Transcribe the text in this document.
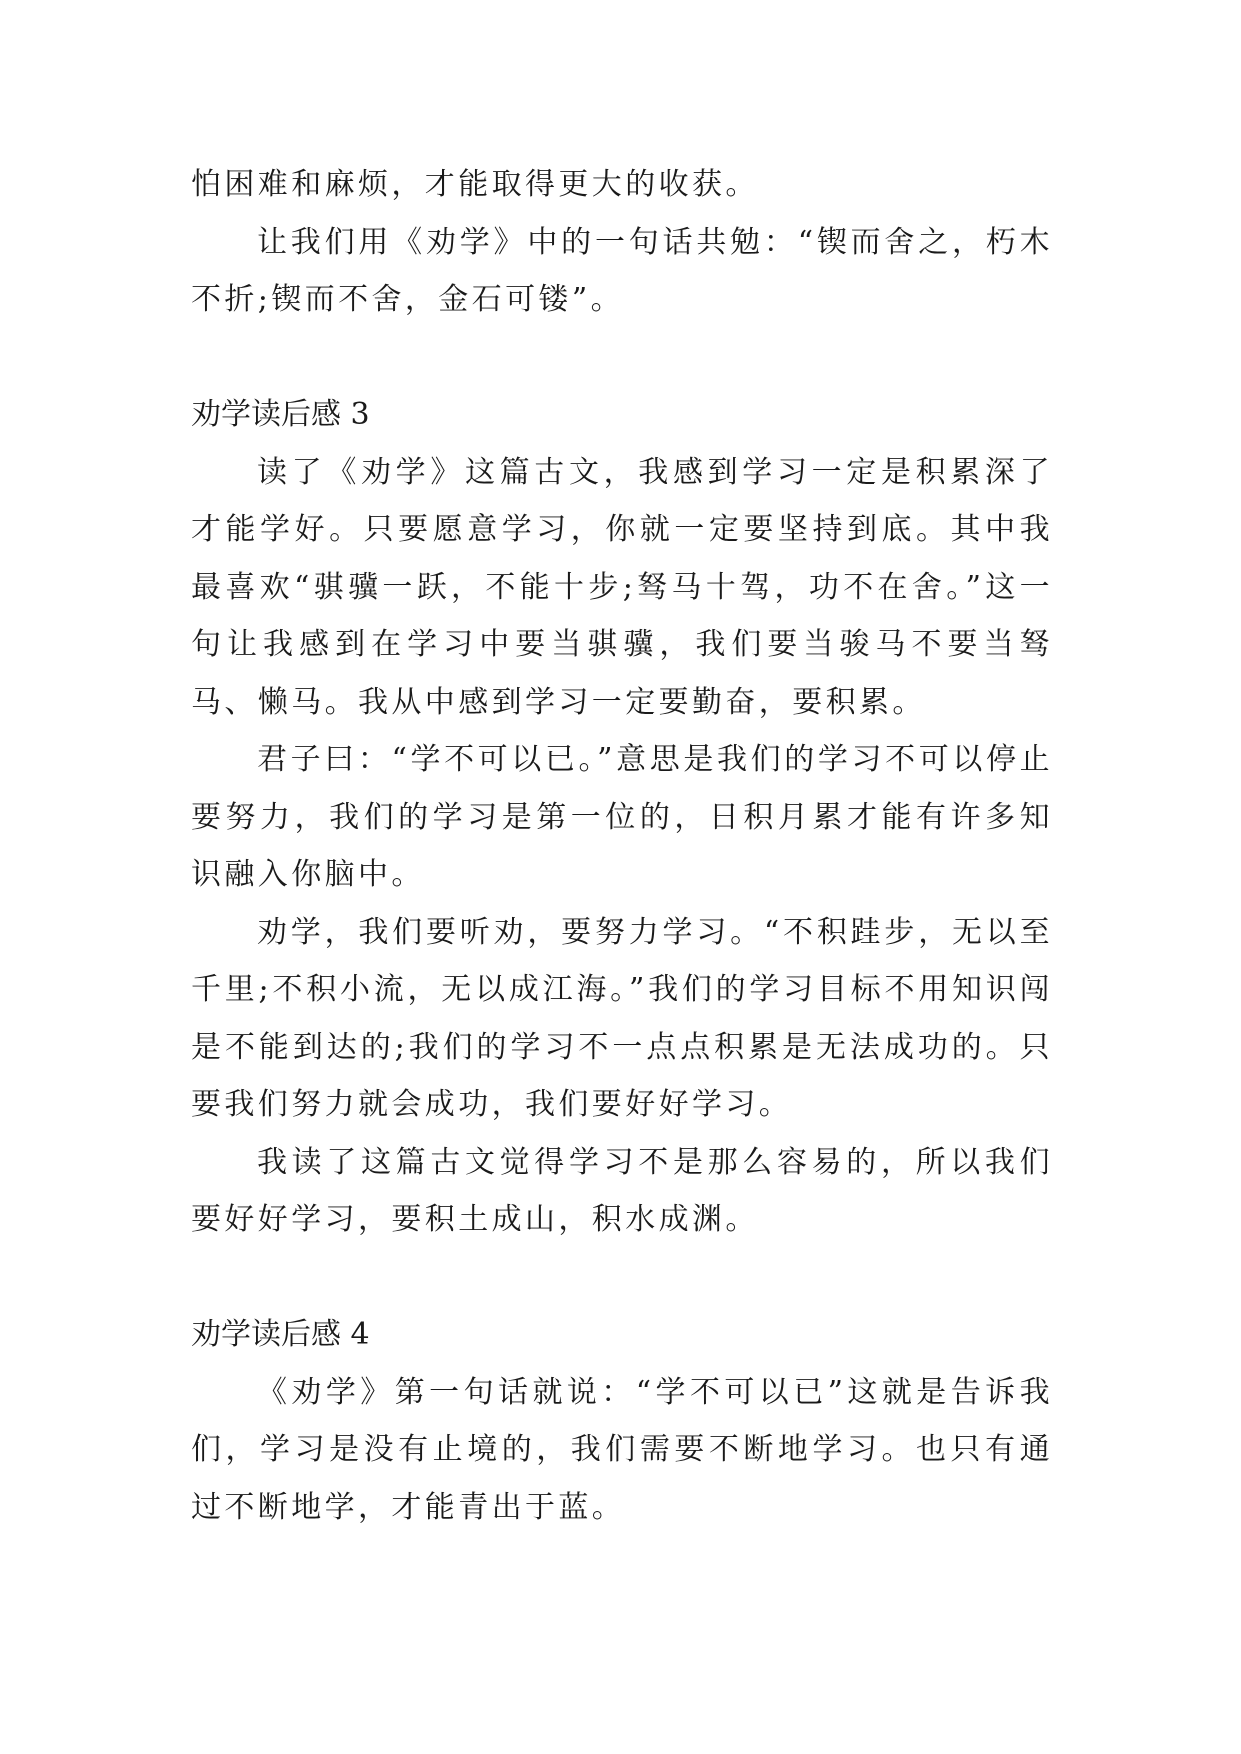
怕困难和麻烦，才能取得更大的收获。

让我们用《劝学》中的一句话共勉：“锲而舍之，朽木不折;锲而不舍，金石可镂”。

劝学读后感 3

读了《劝学》这篇古文，我感到学习一定是积累深了才能学好。只要愿意学习，你就一定要坚持到底。其中我最喜欢“骐骥一跃，不能十步;驽马十驾，功不在舍。”这一句让我感到在学习中要当骐骥，我们要当骏马不要当驽马、懒马。我从中感到学习一定要勤奋，要积累。

君子曰：“学不可以已。”意思是我们的学习不可以停止要努力，我们的学习是第一位的，日积月累才能有许多知识融入你脑中。

劝学，我们要听劝，要努力学习。“不积跬步，无以至千里;不积小流，无以成江海。”我们的学习目标不用知识闯是不能到达的;我们的学习不一点点积累是无法成功的。只要我们努力就会成功，我们要好好学习。

我读了这篇古文觉得学习不是那么容易的，所以我们要好好学习，要积土成山，积水成渊。

劝学读后感 4

《劝学》第一句话就说：“学不可以已”这就是告诉我们，学习是没有止境的，我们需要不断地学习。也只有通过不断地学，才能青出于蓝。
